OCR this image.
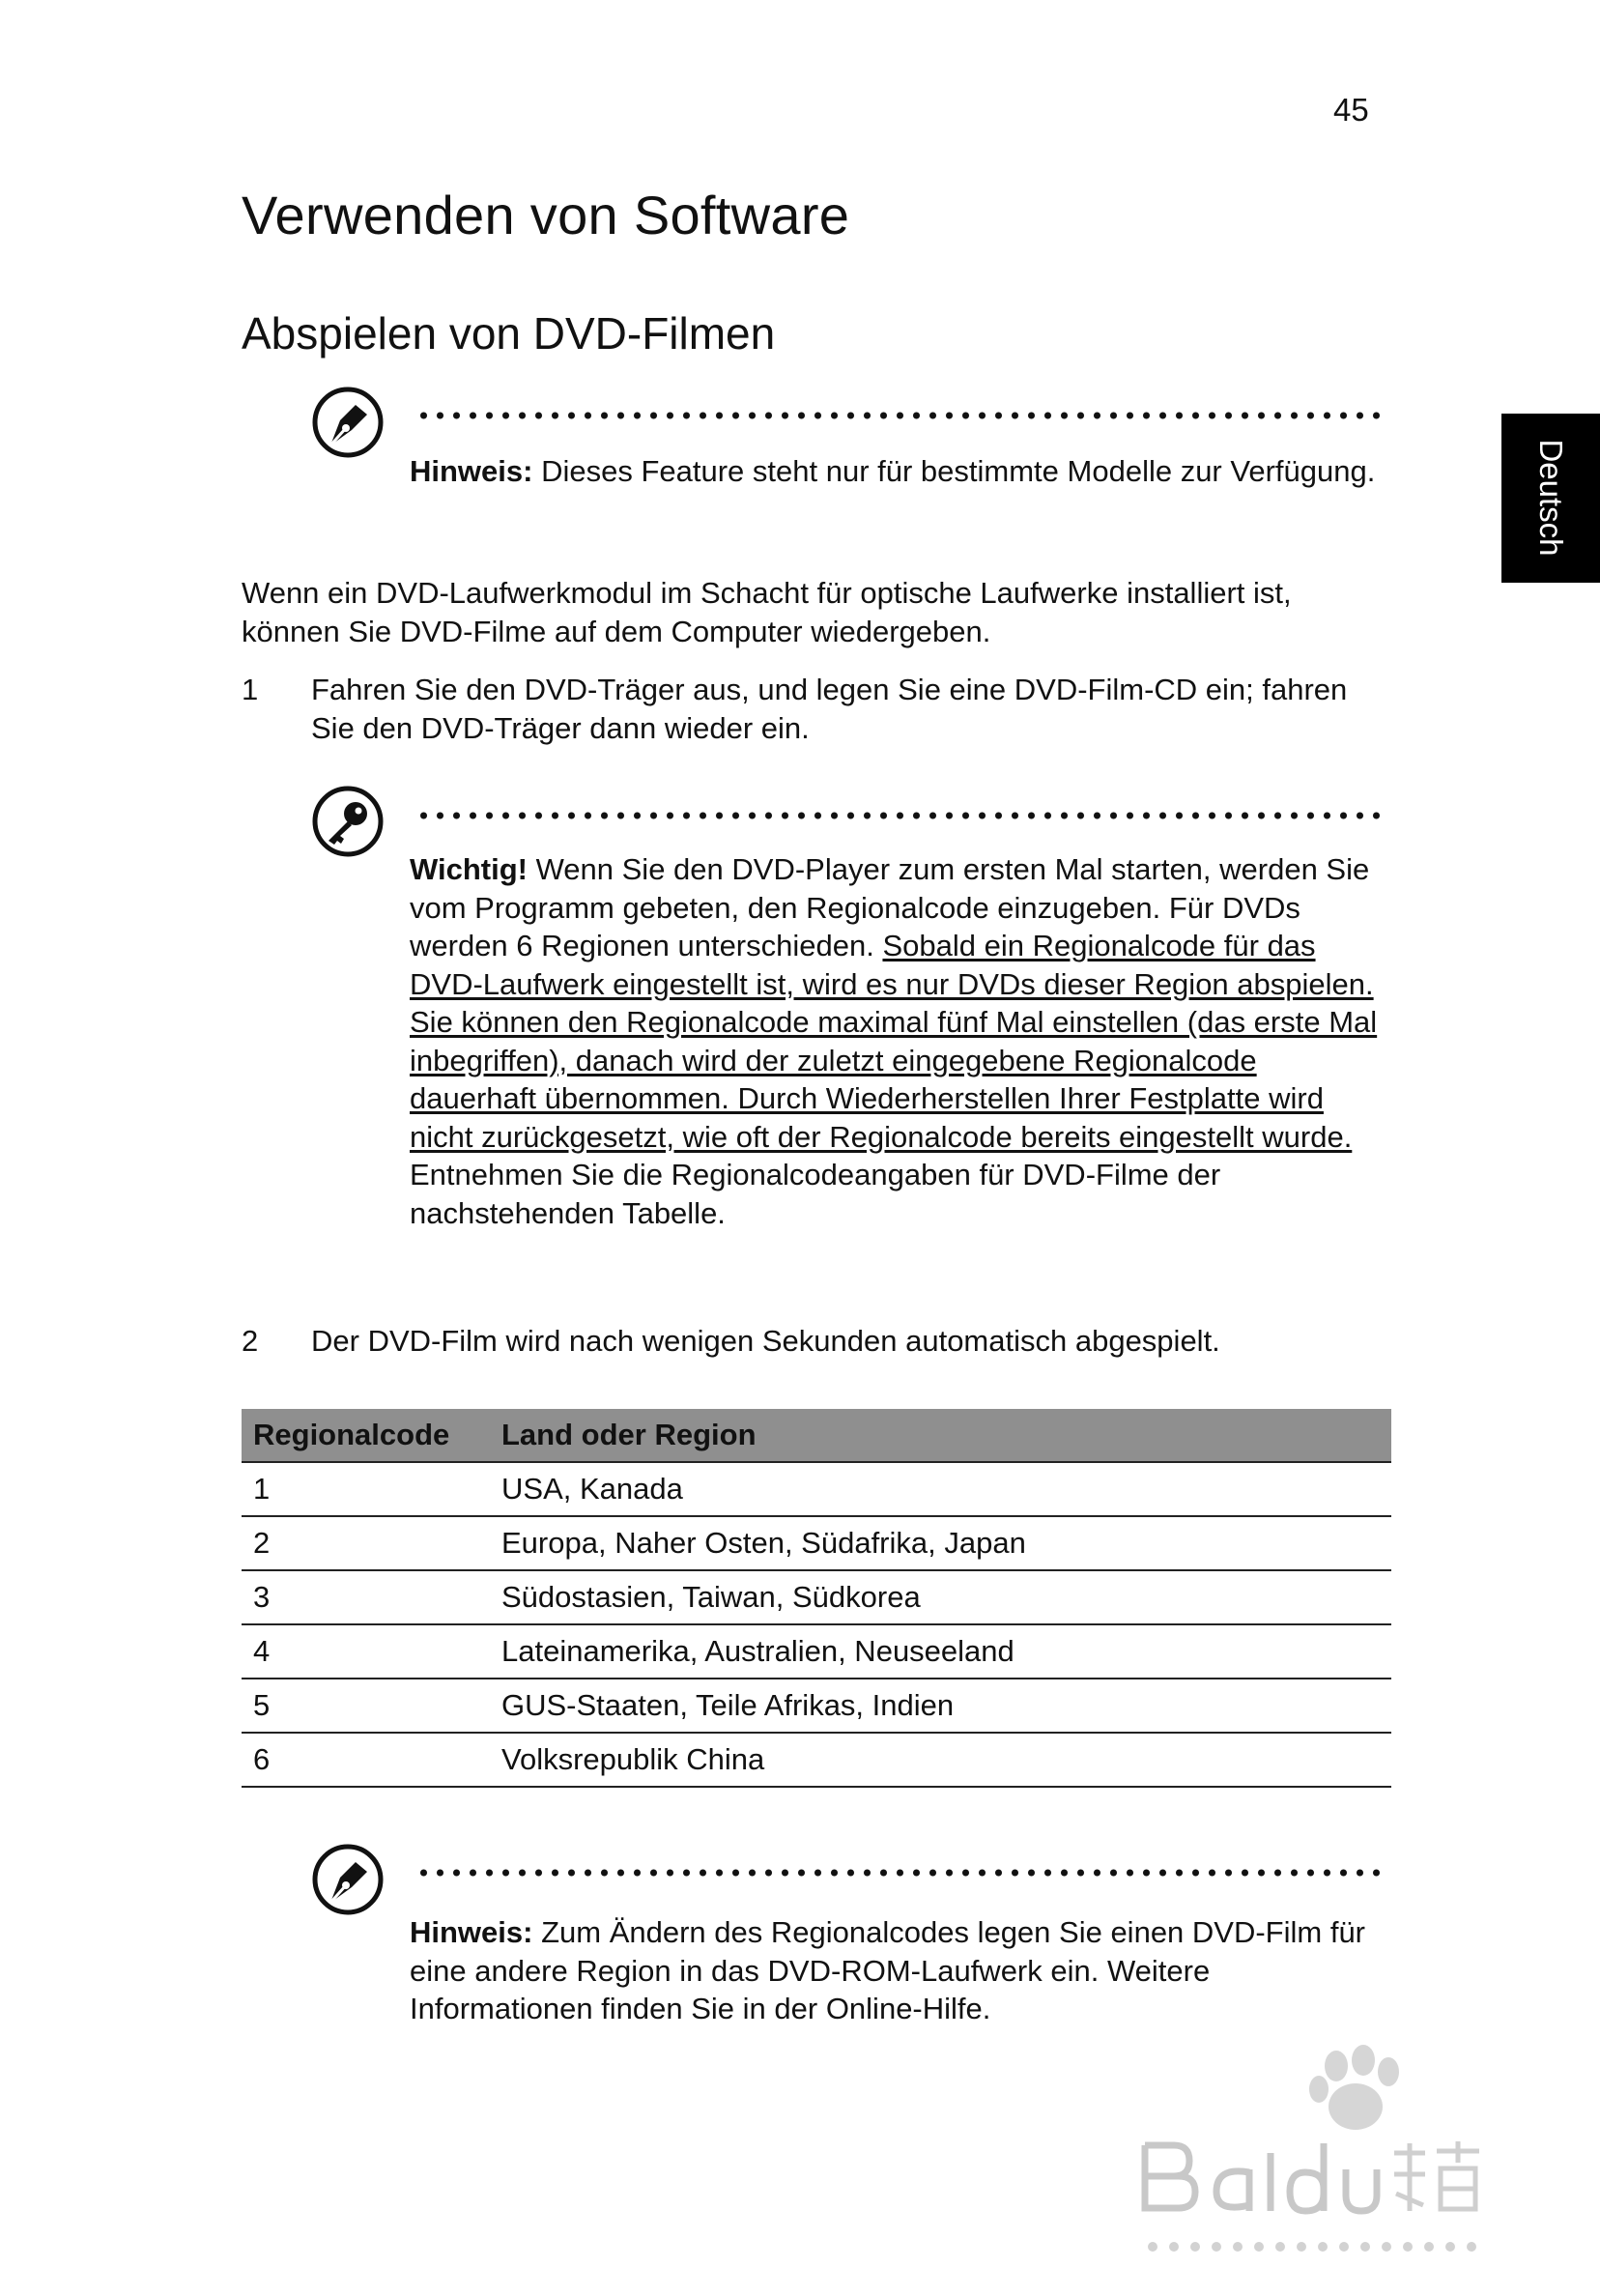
45
Verwenden von Software
Abspielen von DVD-Filmen
Deutsch

Hinweis: Dieses Feature steht nur für bestimmte Modelle zur Verfügung.

Wenn ein DVD-Laufwerkmodul im Schacht für optische Laufwerke installiert ist, können Sie DVD-Filme auf dem Computer wiedergeben.

1 Fahren Sie den DVD-Träger aus, und legen Sie eine DVD-Film-CD ein; fahren Sie den DVD-Träger dann wieder ein.

Wichtig! Wenn Sie den DVD-Player zum ersten Mal starten, werden Sie vom Programm gebeten, den Regionalcode einzugeben. Für DVDs werden 6 Regionen unterschieden. Sobald ein Regionalcode für das DVD-Laufwerk eingestellt ist, wird es nur DVDs dieser Region abspielen. Sie können den Regionalcode maximal fünf Mal einstellen (das erste Mal inbegriffen), danach wird der zuletzt eingegebene Regionalcode dauerhaft übernommen. Durch Wiederherstellen Ihrer Festplatte wird nicht zurückgesetzt, wie oft der Regionalcode bereits eingestellt wurde. Entnehmen Sie die Regionalcodeangaben für DVD-Filme der nachstehenden Tabelle.

2 Der DVD-Film wird nach wenigen Sekunden automatisch abgespielt.
Regionalcode	Land oder Region
1	USA, Kanada
2	Europa, Naher Osten, Südafrika, Japan
3	Südostasien, Taiwan, Südkorea
4	Lateinamerika, Australien, Neuseeland
5	GUS-Staaten, Teile Afrikas, Indien
6	Volksrepublik China

Hinweis: Zum Ändern des Regionalcodes legen Sie einen DVD-Film für eine andere Region in das DVD-ROM-Laufwerk ein. Weitere Informationen finden Sie in der Online-Hilfe.
